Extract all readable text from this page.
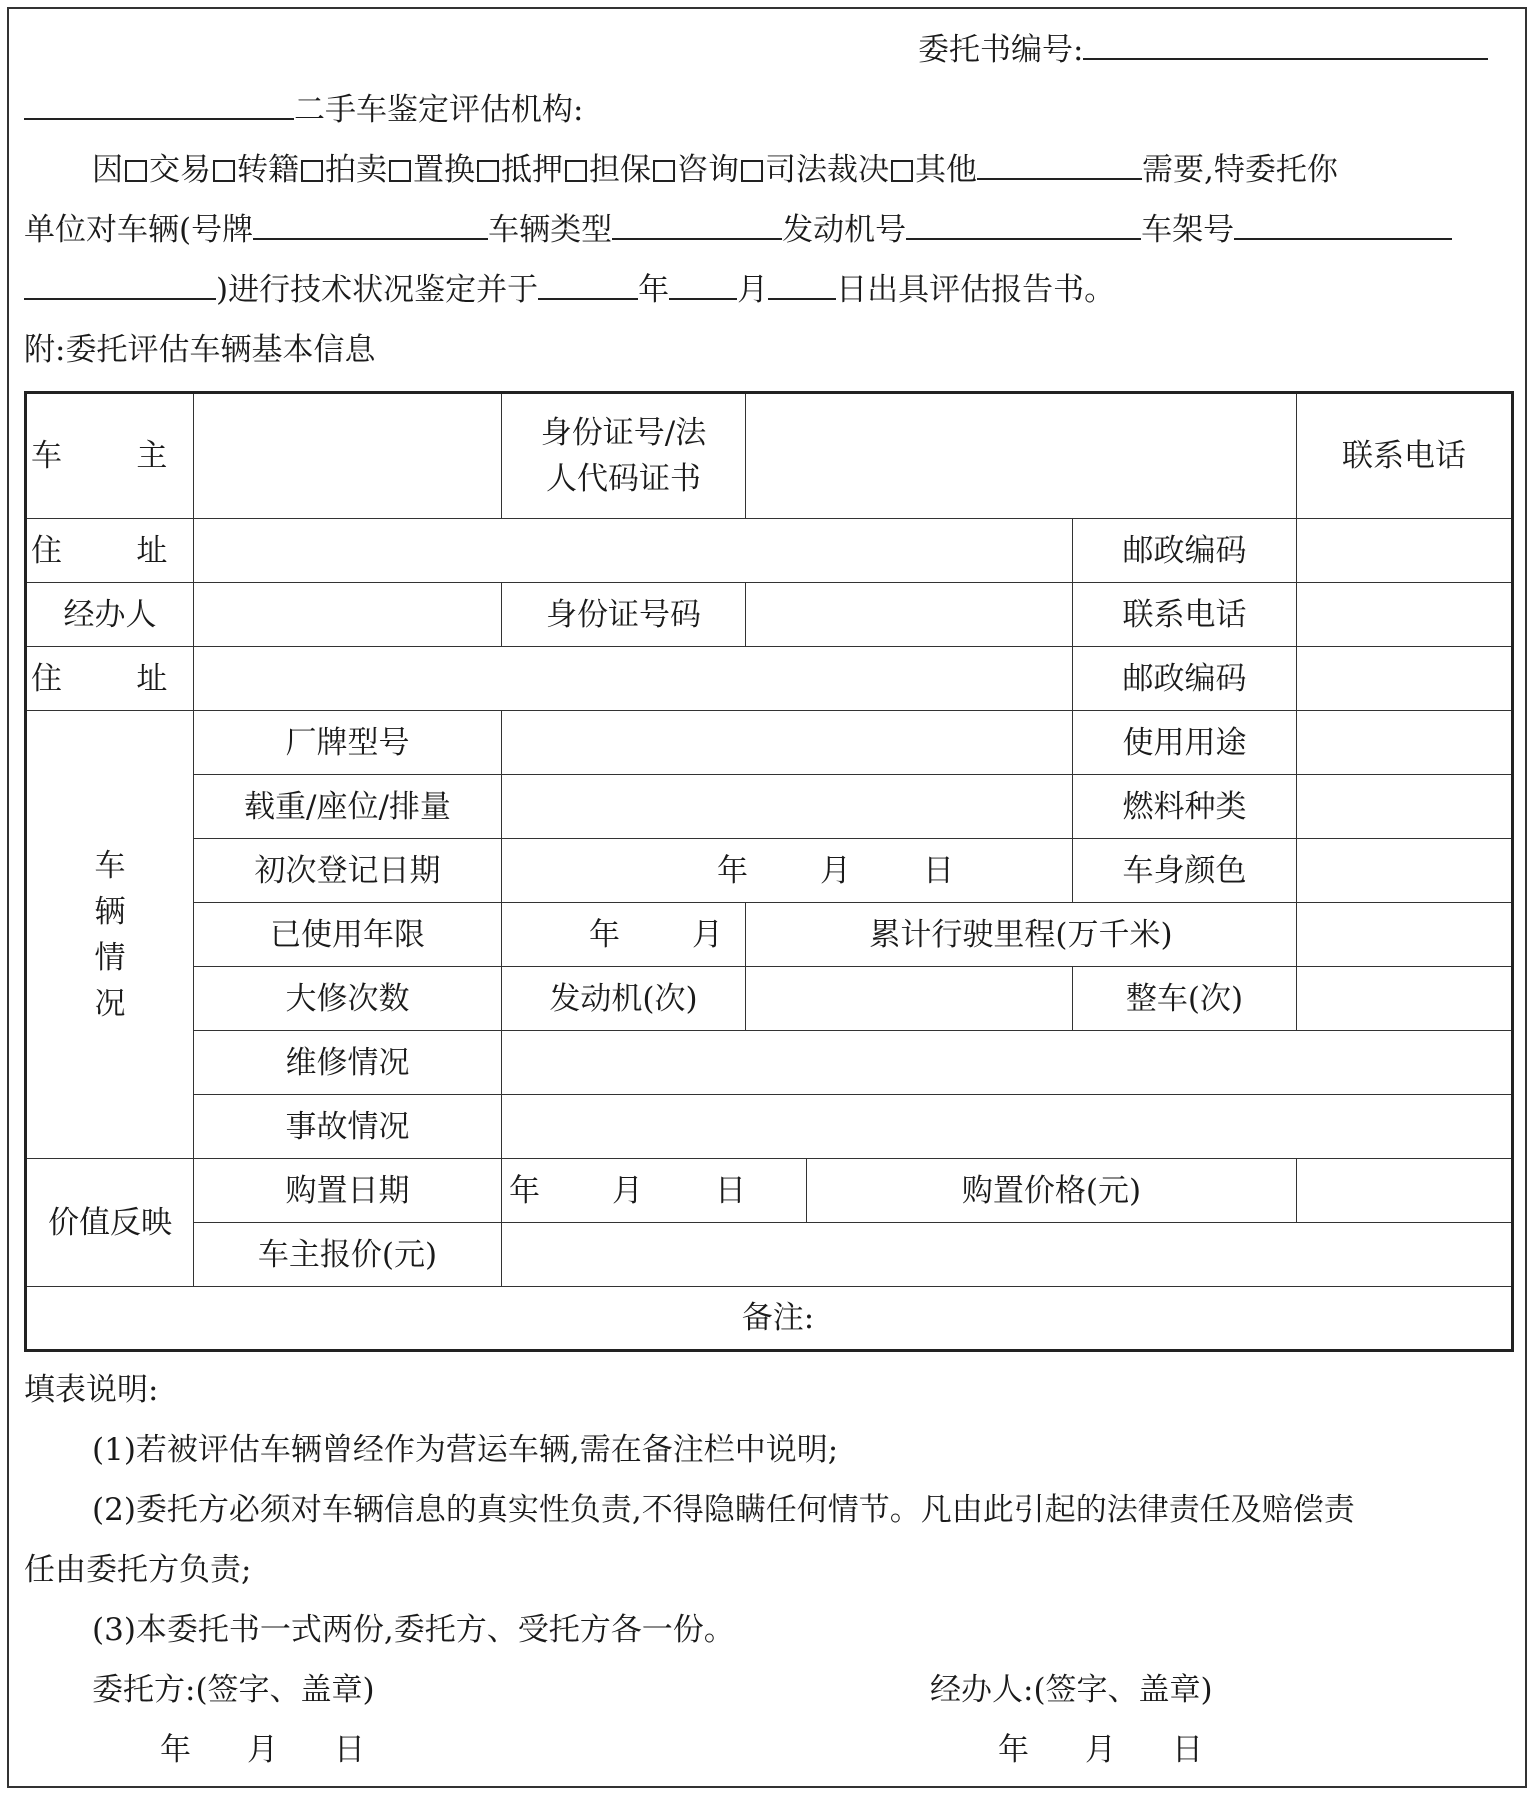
委托书编号:
二手车鉴定评估机构:
因 交易 转籍 拍卖 置换 抵押 担保 咨询 司法裁决 其他	需要,特委托你
单位对车辆(号牌	车辆类型	发动机号	车架号
)进行技术状况鉴定并于	年 月 日出具评估报告书。
附:委托评估车辆基本信息
车　主		身份证号/法人代码证书				联系电话
住　址					邮政编码	
经办人		身份证号码			联系电话	
住　址					邮政编码	
车
辆
情
况	厂牌型号				使用用途	
	载重/座位/排量				燃料种类	
	初次登记日期	年 月 日			车身颜色	
	已使用年限	年 月	累计行驶里程(万千米)			
	大修次数	发动机(次)			整车(次)	
	维修情况					
	事故情况					
价值反映	购置日期	年 月 日		购置价格(元)		
	车主报价(元)					
备注:						
填表说明:
(1)若被评估车辆曾经作为营运车辆,需在备注栏中说明;
(2)委托方必须对车辆信息的真实性负责,不得隐瞒任何情节。凡由此引起的法律责任及赔偿责
任由委托方负责;
(3)本委托书一式两份,委托方、受托方各一份。
委托方:(签字、盖章)	经办人:(签字、盖章)
年 月 日	年 月 日
